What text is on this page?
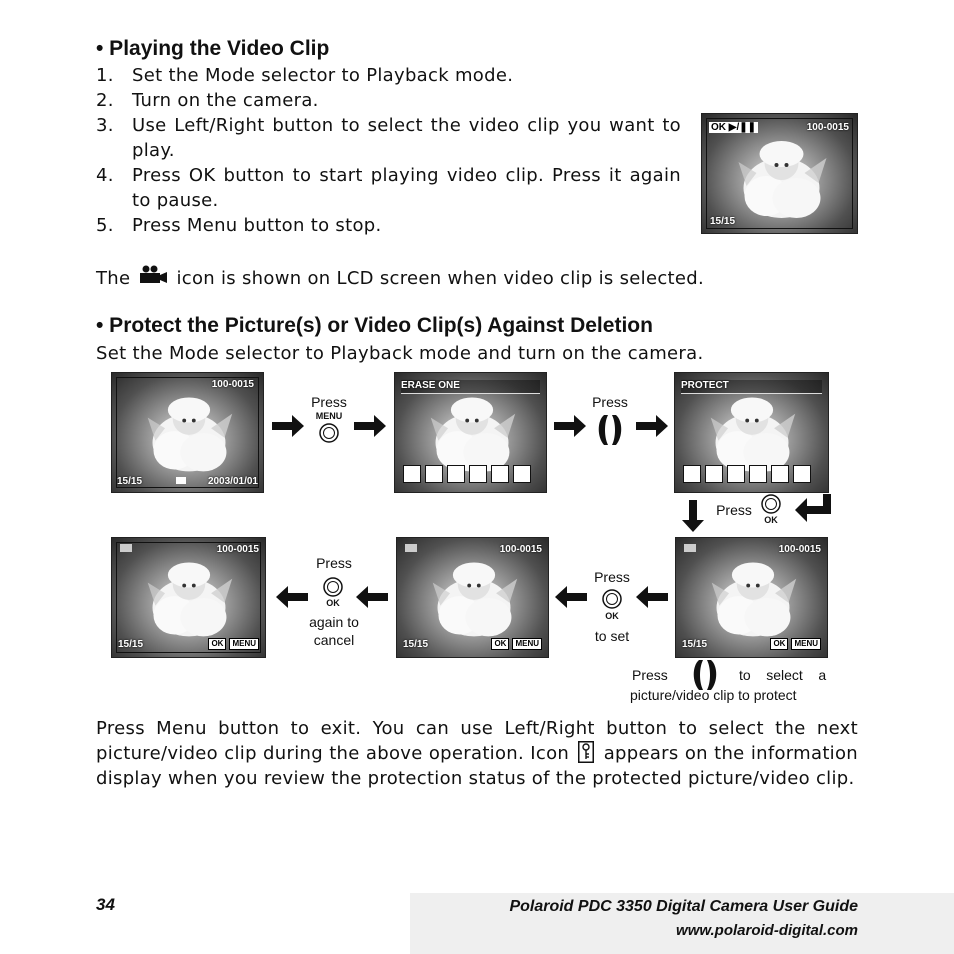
• Playing the Video Clip
1. Set the Mode selector to Playback mode.
2. Turn on the camera.
3. Use Left/Right button to select the video clip you want to play.
4. Press OK button to start playing video clip. Press it again to pause.
5. Press Menu button to stop.
OK ▶/❚❚	100-0015
15/15
The	icon is shown on LCD screen when video clip is selected.
• Protect the Picture(s) or Video Clip(s) Against Deletion
Set the Mode selector to Playback mode and turn on the camera.
100-0015
15/15	2003/01/01
ERASE ONE	PROTECT
Press
MENU
Press
Press
OK
100-0015
15/15	OK	MENU
100-0015
15/15	OK	MENU
100-0015
15/15	OK	MENU
Press
OK
again to
cancel
Press
OK
to set
Press	to    select    a
picture/video clip to protect
Press Menu button to exit. You can use Left/Right button to select the next picture/video clip during the above operation. Icon appears on the information display when you review the protection status of the protected picture/video clip.
34	Polaroid PDC 3350 Digital Camera User Guide
www.polaroid-digital.com
